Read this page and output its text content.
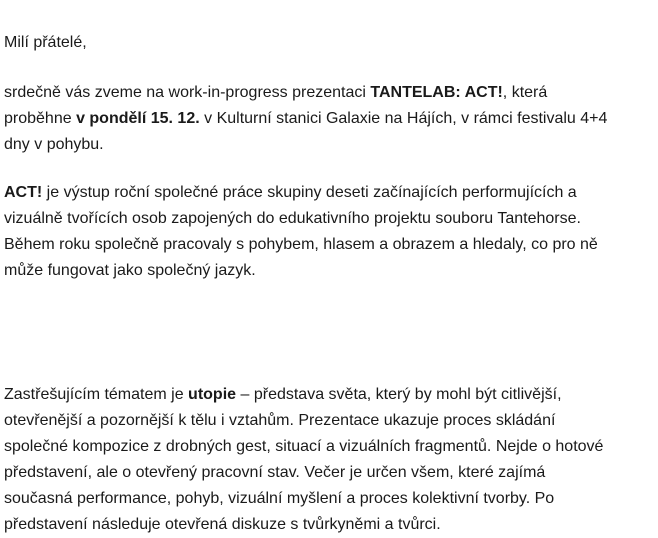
Milí přátelé,

srdečně vás zveme na work-in-progress prezentaci TANTELAB: ACT!, která
proběhne v pondělí 15. 12. v Kulturní stanici Galaxie na Hájích, v rámci festivalu 4+4
dny v pohybu.

ACT! je výstup roční společné práce skupiny deseti začínajících performujících a
vizuálně tvořících osob zapojených do edukativního projektu souboru Tantehorse.
Během roku společně pracovaly s pohybem, hlasem a obrazem a hledaly, co pro ně
může fungovat jako společný jazyk.

Zastřešujícím tématem je utopie – představa světa, který by mohl být citlivější,
otevřenější a pozornější k tělu i vztahům. Prezentace ukazuje proces skládání
společné kompozice z drobných gest, situací a vizuálních fragmentů. Nejde o hotové
představení, ale o otevřený pracovní stav. Večer je určen všem, které zajímá
současná performance, pohyb, vizuální myšlení a proces kolektivní tvorby. Po
představení následuje otevřená diskuze s tvůrkyněmi a tvůrci.
